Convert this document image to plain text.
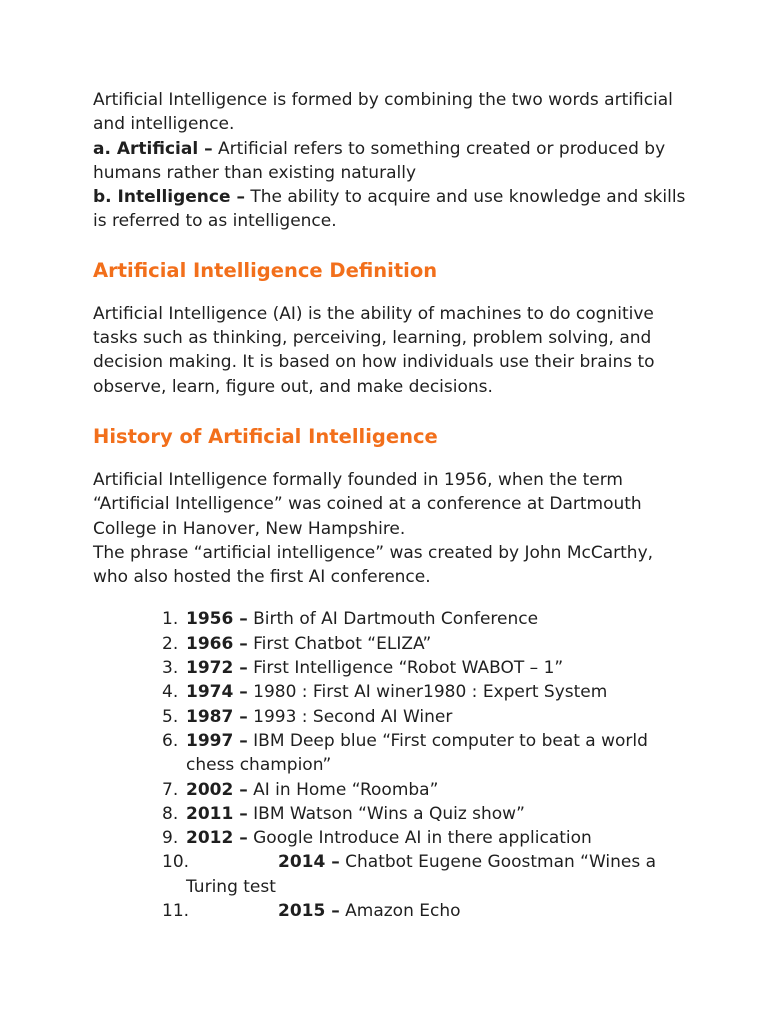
Artificial Intelligence is formed by combining the two words artificial and intelligence.
a. Artificial – Artificial refers to something created or produced by humans rather than existing naturally
b. Intelligence – The ability to acquire and use knowledge and skills is referred to as intelligence.

Artificial Intelligence Definition

Artificial Intelligence (AI) is the ability of machines to do cognitive tasks such as thinking, perceiving, learning, problem solving, and decision making. It is based on how individuals use their brains to observe, learn, figure out, and make decisions.

History of Artificial Intelligence

Artificial Intelligence formally founded in 1956, when the term “Artificial Intelligence” was coined at a conference at Dartmouth College in Hanover, New Hampshire.
The phrase “artificial intelligence” was created by John McCarthy, who also hosted the first AI conference.

1. 1956 – Birth of AI Dartmouth Conference
2. 1966 – First Chatbot “ELIZA”
3. 1972 – First Intelligence “Robot WABOT – 1”
4. 1974 – 1980 : First AI winer1980 : Expert System
5. 1987 – 1993 : Second AI Winer
6. 1997 – IBM Deep blue “First computer to beat a world chess champion”
7. 2002 – AI in Home “Roomba”
8. 2011 – IBM Watson “Wins a Quiz show”
9. 2012 – Google Introduce AI in there application
10.	2014 – Chatbot Eugene Goostman “Wines a Turing test
11.	2015 – Amazon Echo
